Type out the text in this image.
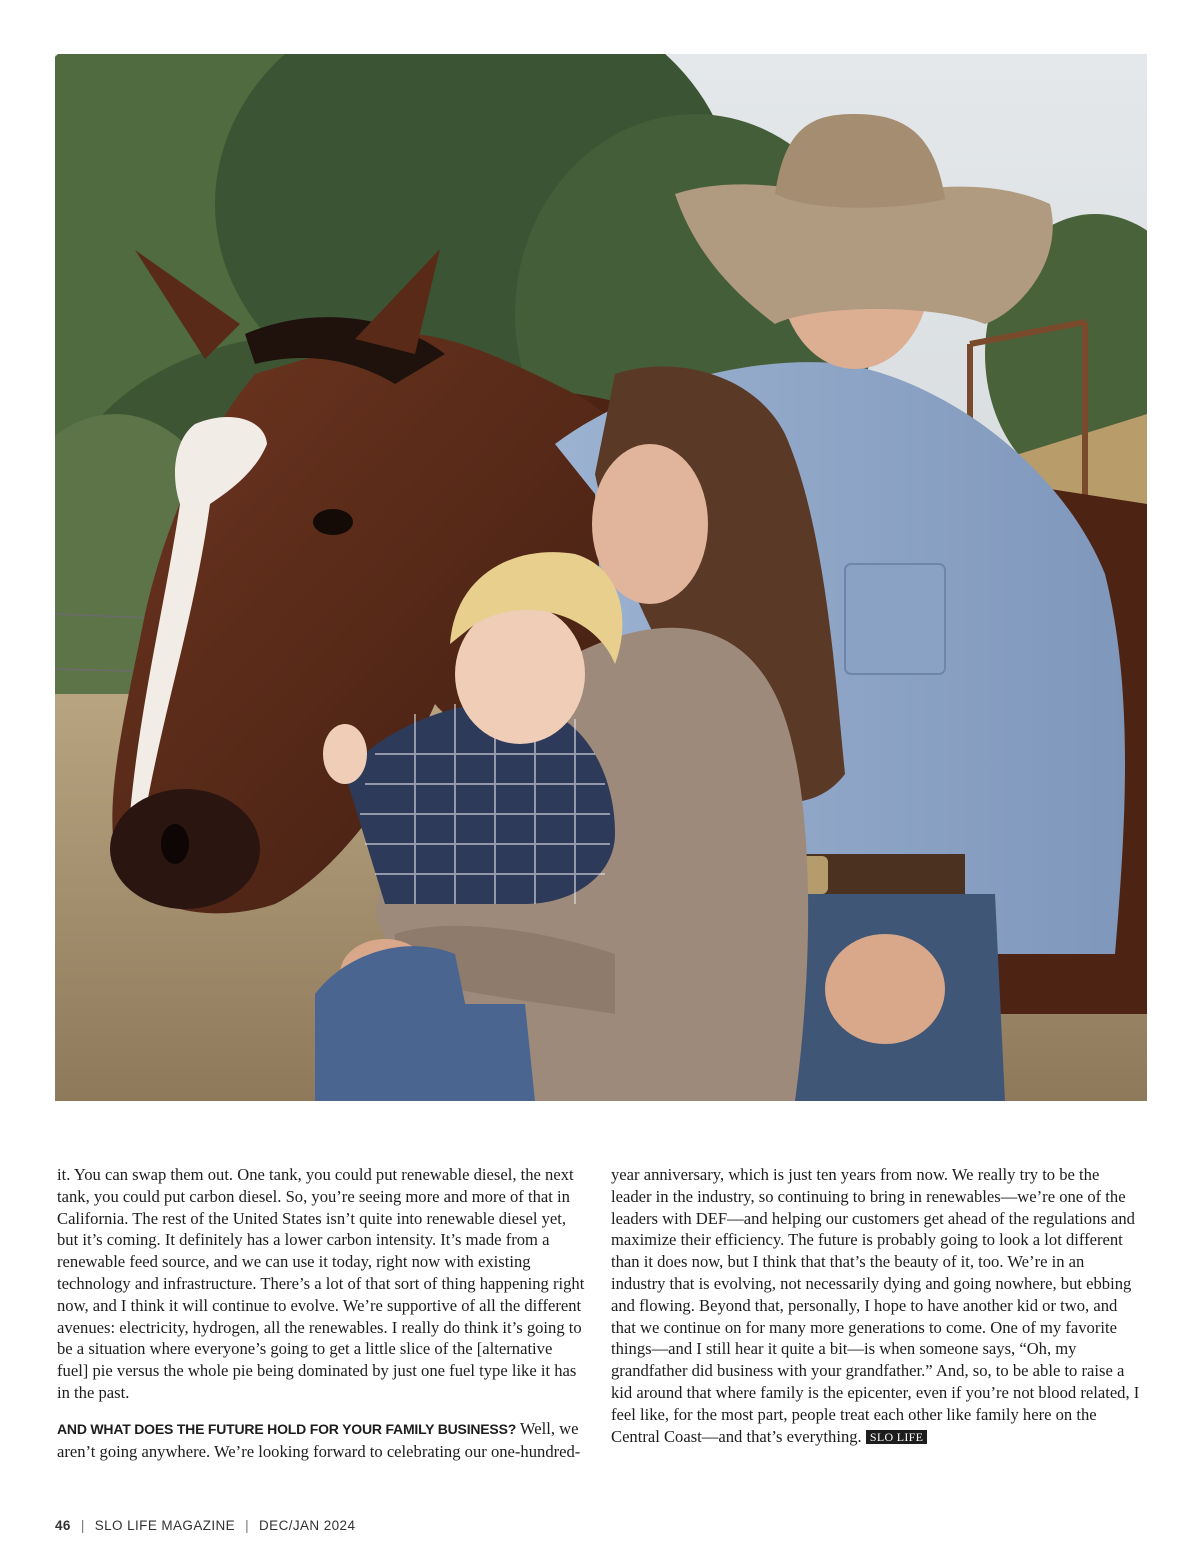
it. You can swap them out. One tank, you could put renewable diesel, the next tank, you could put carbon diesel. So, you’re seeing more and more of that in California. The rest of the United States isn’t quite into renewable diesel yet, but it’s coming. It definitely has a lower carbon intensity. It’s made from a renewable feed source, and we can use it today, right now with existing technology and infrastructure. There’s a lot of that sort of thing happening right now, and I think it will continue to evolve. We’re supportive of all the different avenues: electricity, hydrogen, all the renewables. I really do think it’s going to be a situation where everyone’s going to get a little slice of the [alternative fuel] pie versus the whole pie being dominated by just one fuel type like it has in the past.

AND WHAT DOES THE FUTURE HOLD FOR YOUR FAMILY BUSINESS? Well, we aren’t going anywhere. We’re looking forward to celebrating our one-hundred-

year anniversary, which is just ten years from now. We really try to be the leader in the industry, so continuing to bring in renewables—we’re one of the leaders with DEF—and helping our customers get ahead of the regulations and maximize their efficiency. The future is probably going to look a lot different than it does now, but I think that that’s the beauty of it, too. We’re in an industry that is evolving, not necessarily dying and going nowhere, but ebbing and flowing. Beyond that, personally, I hope to have another kid or two, and that we continue on for many more generations to come. One of my favorite things—and I still hear it quite a bit—is when someone says, “Oh, my grandfather did business with your grandfather.” And, so, to be able to raise a kid around that where family is the epicenter, even if you’re not blood related, I feel like, for the most part, people treat each other like family here on the Central Coast—and that’s everything. SLO LIFE

46 | SLO LIFE MAGAZINE | DEC/JAN 2024
